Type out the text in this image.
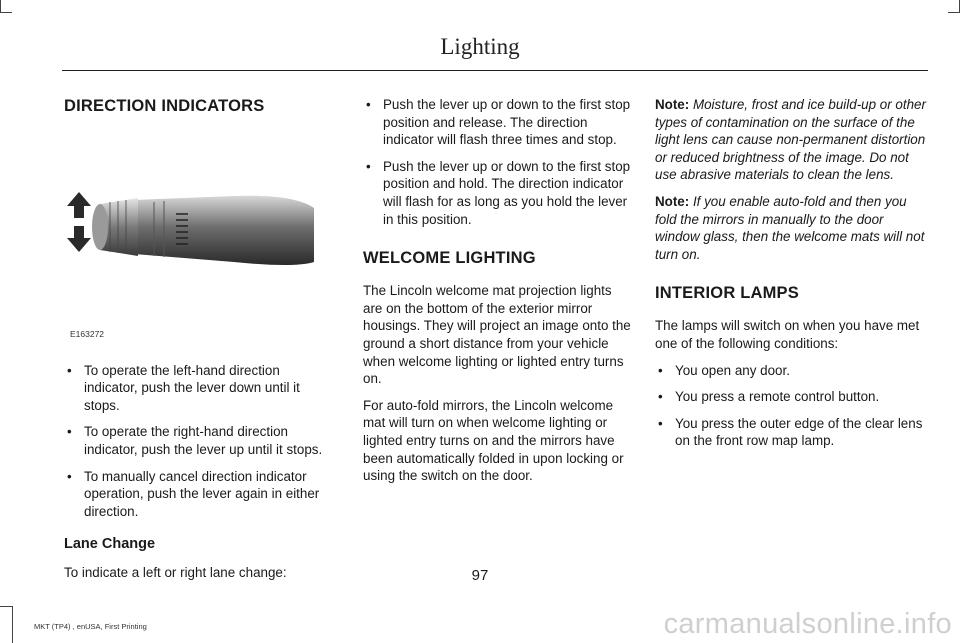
Lighting
DIRECTION INDICATORS
E163272
• To operate the left-hand direction indicator, push the lever down until it stops.
• To operate the right-hand direction indicator, push the lever up until it stops.
• To manually cancel direction indicator operation, push the lever again in either direction.
Lane Change

To indicate a left or right lane change:

• Push the lever up or down to the first stop position and release. The direction indicator will flash three times and stop.
• Push the lever up or down to the first stop position and hold. The direction indicator will flash for as long as you hold the lever in this position.
WELCOME LIGHTING

The Lincoln welcome mat projection lights are on the bottom of the exterior mirror housings. They will project an image onto the ground a short distance from your vehicle when welcome lighting or lighted entry turns on.

For auto-fold mirrors, the Lincoln welcome mat will turn on when welcome lighting or lighted entry turns on and the mirrors have been automatically folded in upon locking or using the switch on the door.

Note: Moisture, frost and ice build-up or other types of contamination on the surface of the light lens can cause non-permanent distortion or reduced brightness of the image. Do not use abrasive materials to clean the lens.

Note: If you enable auto-fold and then you fold the mirrors in manually to the door window glass, then the welcome mats will not turn on.

INTERIOR LAMPS

The lamps will switch on when you have met one of the following conditions:

• You open any door.
• You press a remote control button.
• You press the outer edge of the clear lens on the front row map lamp.
97
MKT (TP4) , enUSA, First Printing	carmanualsonline.info
